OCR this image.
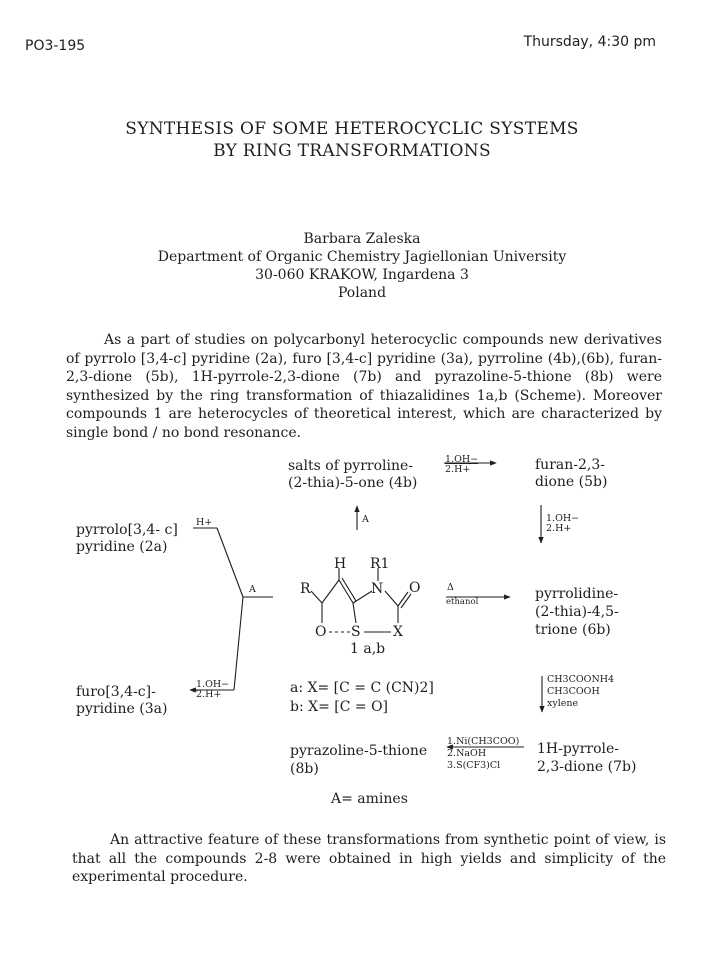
PO3-195	Thursday, 4:30 pm
SYNTHESIS OF SOME HETEROCYCLIC SYSTEMS
BY RING TRANSFORMATIONS
Barbara Zaleska
Department of Organic Chemistry Jagiellonian University
30-060 KRAKOW, Ingardena 3
Poland
As a part of studies on polycarbonyl heterocyclic compounds new derivatives of pyrrolo [3,4-c] pyridine (2a), furo [3,4-c] pyridine (3a), pyrroline (4b),(6b), furan-2,3-dione (5b), 1H-pyrrole-2,3-dione (7b) and pyrazoline-5-thione (8b) were synthesized by the ring transformation of thiazalidines 1a,b (Scheme). Moreover compounds 1 are heterocycles of theoretical interest, which are characterized by single bond / no bond resonance.
salts of pyrroline-
(2-thia)-5-one (4b)
furan-2,3-
dione (5b)
pyrrolo[3,4- c]
pyridine (2a)
furo[3,4-c]-
pyridine (3a)
pyrrolidine-
(2-thia)-4,5-
trione (6b)
pyrazoline-5-thione
(8b)
1H-pyrrole-
2,3-dione (7b)
1 a,b
a: X= [C = C (CN)2]
b: X= [C = O]
A= amines
1.OH−
2.H+
1.OH−
2.H+
A
H+
1.OH−
2.H+
A	Δ
ethanol
CH3COONH4
CH3COOH
xylene
1.Ni(CH3COO)
2.NaOH
3.S(CF3)Cl
H R1
R	N O
O S X
An attractive feature of these transformations from synthetic point of view, is that all the compounds 2-8 were obtained in high yields and simplicity of the experimental procedure.
